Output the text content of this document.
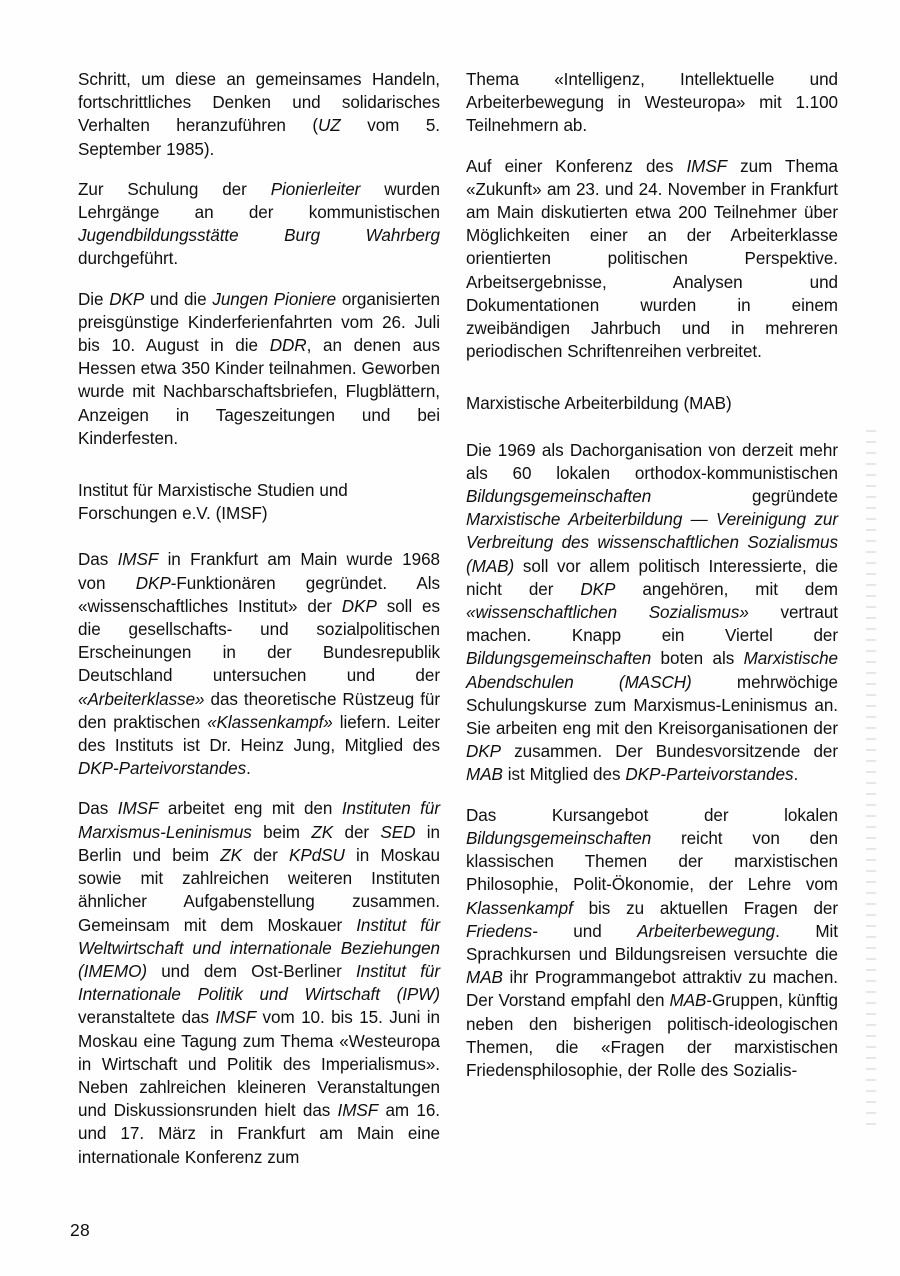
Schritt, um diese an gemeinsames Handeln, fortschrittliches Denken und solidarisches Verhalten heranzuführen (UZ vom 5. September 1985).

Zur Schulung der Pionierleiter wurden Lehrgänge an der kommunistischen Jugendbildungsstätte Burg Wahrberg durchgeführt.

Die DKP und die Jungen Pioniere organisierten preisgünstige Kinderferienfahrten vom 26. Juli bis 10. August in die DDR, an denen aus Hessen etwa 350 Kinder teilnahmen. Geworben wurde mit Nachbarschaftsbriefen, Flugblättern, Anzeigen in Tageszeitungen und bei Kinderfesten.

Institut für Marxistische Studien und Forschungen e.V. (IMSF)

Das IMSF in Frankfurt am Main wurde 1968 von DKP-Funktionären gegründet. Als «wissenschaftliches Institut» der DKP soll es die gesellschafts- und sozialpolitischen Erscheinungen in der Bundesrepublik Deutschland untersuchen und der «Arbeiterklasse» das theoretische Rüstzeug für den praktischen «Klassenkampf» liefern. Leiter des Instituts ist Dr. Heinz Jung, Mitglied des DKP-Parteivorstandes.

Das IMSF arbeitet eng mit den Instituten für Marxismus-Leninismus beim ZK der SED in Berlin und beim ZK der KPdSU in Moskau sowie mit zahlreichen weiteren Instituten ähnlicher Aufgabenstellung zusammen. Gemeinsam mit dem Moskauer Institut für Weltwirtschaft und internationale Beziehungen (IMEMO) und dem Ost-Berliner Institut für Internationale Politik und Wirtschaft (IPW) veranstaltete das IMSF vom 10. bis 15. Juni in Moskau eine Tagung zum Thema «Westeuropa in Wirtschaft und Politik des Imperialismus». Neben zahlreichen kleineren Veranstaltungen und Diskussionsrunden hielt das IMSF am 16. und 17. März in Frankfurt am Main eine internationale Konferenz zum

Thema «Intelligenz, Intellektuelle und Arbeiterbewegung in Westeuropa» mit 1.100 Teilnehmern ab.

Auf einer Konferenz des IMSF zum Thema «Zukunft» am 23. und 24. November in Frankfurt am Main diskutierten etwa 200 Teilnehmer über Möglichkeiten einer an der Arbeiterklasse orientierten politischen Perspektive. Arbeitsergebnisse, Analysen und Dokumentationen wurden in einem zweibändigen Jahrbuch und in mehreren periodischen Schriftenreihen verbreitet.

Marxistische Arbeiterbildung (MAB)

Die 1969 als Dachorganisation von derzeit mehr als 60 lokalen orthodox-kommunistischen Bildungsgemeinschaften gegründete Marxistische Arbeiterbildung — Vereinigung zur Verbreitung des wissenschaftlichen Sozialismus (MAB) soll vor allem politisch Interessierte, die nicht der DKP angehören, mit dem «wissenschaftlichen Sozialismus» vertraut machen. Knapp ein Viertel der Bildungsgemeinschaften boten als Marxistische Abendschulen (MASCH) mehrwöchige Schulungskurse zum Marxismus-Leninismus an. Sie arbeiten eng mit den Kreisorganisationen der DKP zusammen. Der Bundesvorsitzende der MAB ist Mitglied des DKP-Parteivorstandes.

Das Kursangebot der lokalen Bildungsgemeinschaften reicht von den klassischen Themen der marxistischen Philosophie, Polit-Ökonomie, der Lehre vom Klassenkampf bis zu aktuellen Fragen der Friedens- und Arbeiterbewegung. Mit Sprachkursen und Bildungsreisen versuchte die MAB ihr Programmangebot attraktiv zu machen. Der Vorstand empfahl den MAB-Gruppen, künftig neben den bisherigen politisch-ideologischen Themen, die «Fragen der marxistischen Friedensphilosophie, der Rolle des Sozialis-

28
